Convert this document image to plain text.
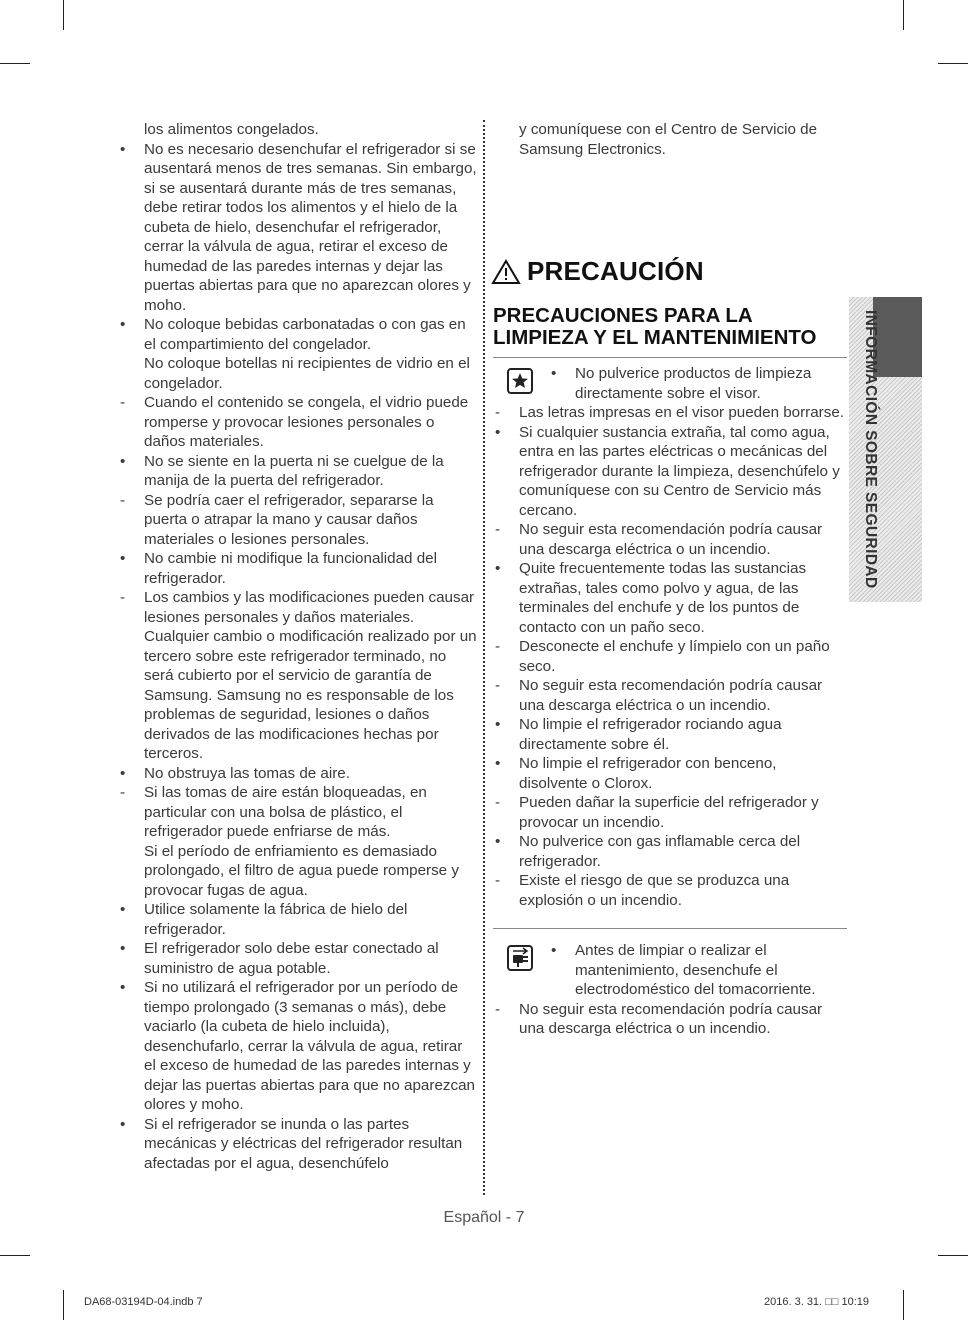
los alimentos congelados.

•	No es necesario desenchufar el refrigerador si se ausentará menos de tres semanas. Sin embargo, si se ausentará durante más de tres semanas, debe retirar todos los alimentos y el hielo de la cubeta de hielo, desenchufar el refrigerador, cerrar la válvula de agua, retirar el exceso de humedad de las paredes internas y dejar las puertas abiertas para que no aparezcan olores y moho.

•	No coloque bebidas carbonatadas o con gas en el compartimiento del congelador.

No coloque botellas ni recipientes de vidrio en el congelador.

-	Cuando el contenido se congela, el vidrio puede romperse y provocar lesiones personales o daños materiales.

•	No se siente en la puerta ni se cuelgue de la manija de la puerta del refrigerador.

-	Se podría caer el refrigerador, separarse la puerta o atrapar la mano y causar daños materiales o lesiones personales.

•	No cambie ni modifique la funcionalidad del refrigerador.

-	Los cambios y las modificaciones pueden causar lesiones personales y daños materiales. Cualquier cambio o modificación realizado por un tercero sobre este refrigerador terminado, no será cubierto por el servicio de garantía de Samsung. Samsung no es responsable de los problemas de seguridad, lesiones o daños derivados de las modificaciones hechas por terceros.

•	No obstruya las tomas de aire.

-	Si las tomas de aire están bloqueadas, en particular con una bolsa de plástico, el refrigerador puede enfriarse de más.

Si el período de enfriamiento es demasiado prolongado, el filtro de agua puede romperse y provocar fugas de agua.

•	Utilice solamente la fábrica de hielo del refrigerador.

•	El refrigerador solo debe estar conectado al suministro de agua potable.

•	Si no utilizará el refrigerador por un período de tiempo prolongado (3 semanas o más), debe vaciarlo (la cubeta de hielo incluida), desenchufarlo, cerrar la válvula de agua, retirar el exceso de humedad de las paredes internas y dejar las puertas abiertas para que no aparezcan olores y moho.

•	Si el refrigerador se inunda o las partes mecánicas y eléctricas del refrigerador resultan afectadas por el agua, desenchúfelo

y comuníquese con el Centro de Servicio de Samsung Electronics.

PRECAUCIÓN
PRECAUCIONES PARA LA LIMPIEZA Y EL MANTENIMIENTO
• No pulverice productos de limpieza directamente sobre el visor.

-	Las letras impresas en el visor pueden borrarse.

•	Si cualquier sustancia extraña, tal como agua, entra en las partes eléctricas o mecánicas del refrigerador durante la limpieza, desenchúfelo y comuníquese con su Centro de Servicio más cercano.

-	No seguir esta recomendación podría causar una descarga eléctrica o un incendio.

•	Quite frecuentemente todas las sustancias extrañas, tales como polvo y agua, de las terminales del enchufe y de los puntos de contacto con un paño seco.

-	Desconecte el enchufe y límpielo con un paño seco.

-	No seguir esta recomendación podría causar una descarga eléctrica o un incendio.

•	No limpie el refrigerador rociando agua directamente sobre él.

•	No limpie el refrigerador con benceno, disolvente o Clorox.

-	Pueden dañar la superficie del refrigerador y provocar un incendio.

•	No pulverice con gas inflamable cerca del refrigerador.

-	Existe el riesgo de que se produzca una explosión o un incendio.

• Antes de limpiar o realizar el mantenimiento, desenchufe el electrodoméstico del tomacorriente.

-	No seguir esta recomendación podría causar una descarga eléctrica o un incendio.

INFORMACIÓN SOBRE SEGURIDAD
Español - 7
DA68-03194D-04.indb 7	2016. 3. 31. □□ 10:19
